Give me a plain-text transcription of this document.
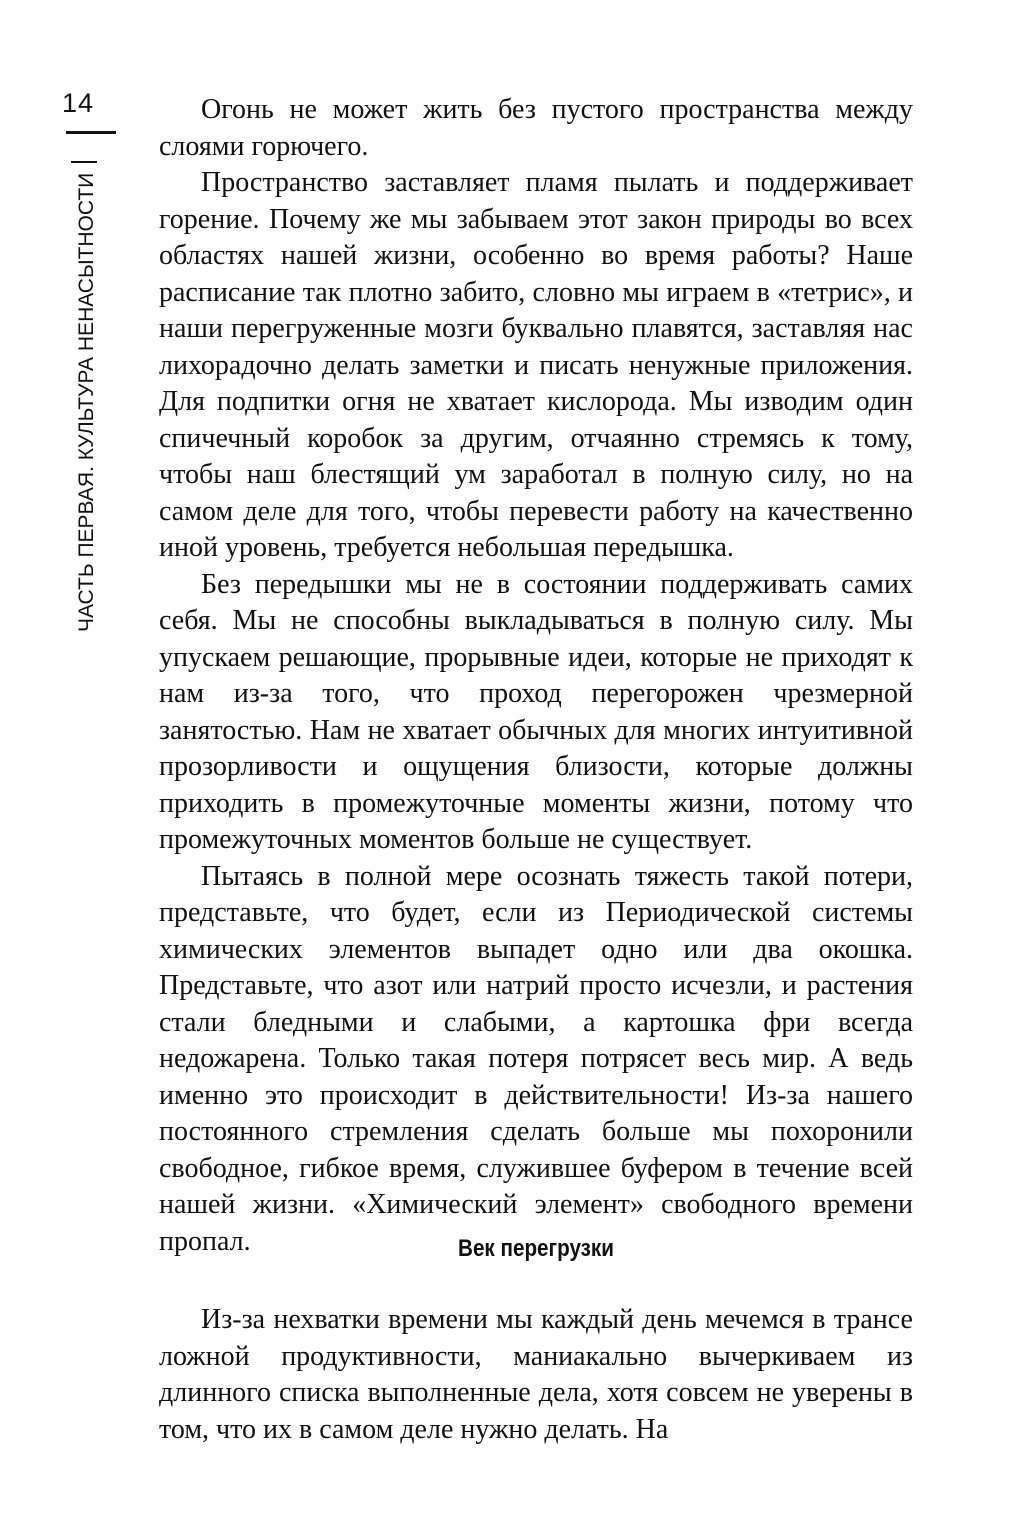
14
ЧАСТЬ ПЕРВАЯ. КУЛЬТУРА НЕНАСЫТНОСТИ

Огонь не может жить без пустого пространства между слоями горючего.

Пространство заставляет пламя пылать и поддерживает горение. Почему же мы забываем этот закон природы во всех областях нашей жизни, особенно во время работы? Наше расписание так плотно забито, словно мы играем в «тетрис», и наши перегруженные мозги буквально плавятся, заставляя нас лихорадочно делать заметки и писать ненужные приложения. Для подпитки огня не хватает кислорода. Мы изводим один спичечный коробок за другим, отчаянно стремясь к тому, чтобы наш блестящий ум заработал в полную силу, но на самом деле для того, чтобы перевести работу на качественно иной уровень, требуется небольшая передышка.

Без передышки мы не в состоянии поддерживать самих себя. Мы не способны выкладываться в полную силу. Мы упускаем решающие, прорывные идеи, которые не приходят к нам из-за того, что проход перегорожен чрезмерной занятостью. Нам не хватает обычных для многих интуитивной прозорливости и ощущения близости, которые должны приходить в промежуточные моменты жизни, потому что промежуточных моментов больше не существует.

Пытаясь в полной мере осознать тяжесть такой потери, представьте, что будет, если из Периодической системы химических элементов выпадет одно или два окошка. Представьте, что азот или натрий просто исчезли, и растения стали бледными и слабыми, а картошка фри всегда недожарена. Только такая потеря потрясет весь мир. А ведь именно это происходит в действительности! Из-за нашего постоянного стремления сделать больше мы похоронили свободное, гибкое время, служившее буфером в течение всей нашей жизни. «Химический элемент» свободного времени пропал.	Век перегрузки

Из-за нехватки времени мы каждый день мечемся в трансе ложной продуктивности, маниакально вычеркиваем из длинного списка выполненные дела, хотя совсем не уверены в том, что их в самом деле нужно делать. На
